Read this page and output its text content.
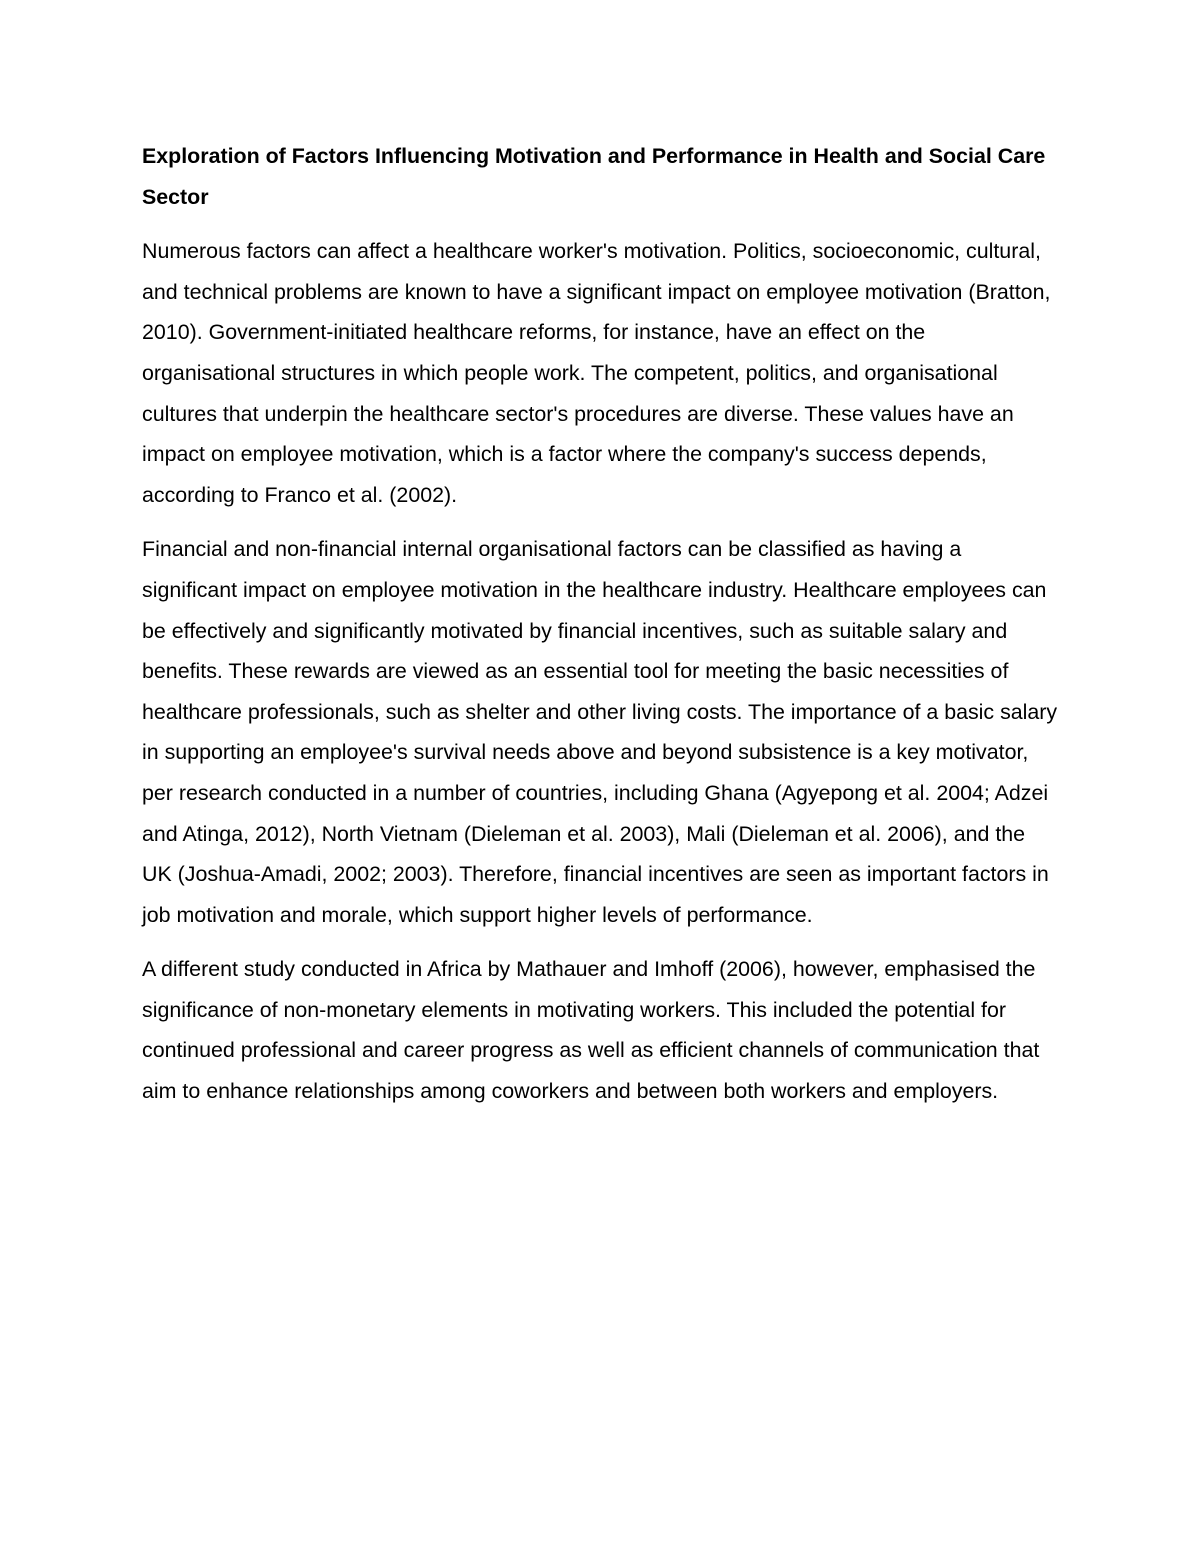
Exploration of Factors Influencing Motivation and Performance in Health and Social Care Sector

Numerous factors can affect a healthcare worker's motivation. Politics, socioeconomic, cultural, and technical problems are known to have a significant impact on employee motivation (Bratton, 2010). Government-initiated healthcare reforms, for instance, have an effect on the organisational structures in which people work. The competent, politics, and organisational cultures that underpin the healthcare sector's procedures are diverse. These values have an impact on employee motivation, which is a factor where the company's success depends, according to Franco et al. (2002).

Financial and non-financial internal organisational factors can be classified as having a significant impact on employee motivation in the healthcare industry. Healthcare employees can be effectively and significantly motivated by financial incentives, such as suitable salary and benefits. These rewards are viewed as an essential tool for meeting the basic necessities of healthcare professionals, such as shelter and other living costs. The importance of a basic salary in supporting an employee's survival needs above and beyond subsistence is a key motivator, per research conducted in a number of countries, including Ghana (Agyepong et al. 2004; Adzei and Atinga, 2012), North Vietnam (Dieleman et al. 2003), Mali (Dieleman et al. 2006), and the UK (Joshua-Amadi, 2002; 2003). Therefore, financial incentives are seen as important factors in job motivation and morale, which support higher levels of performance.

A different study conducted in Africa by Mathauer and Imhoff (2006), however, emphasised the significance of non-monetary elements in motivating workers. This included the potential for continued professional and career progress as well as efficient channels of communication that aim to enhance relationships among coworkers and between both workers and employers.
